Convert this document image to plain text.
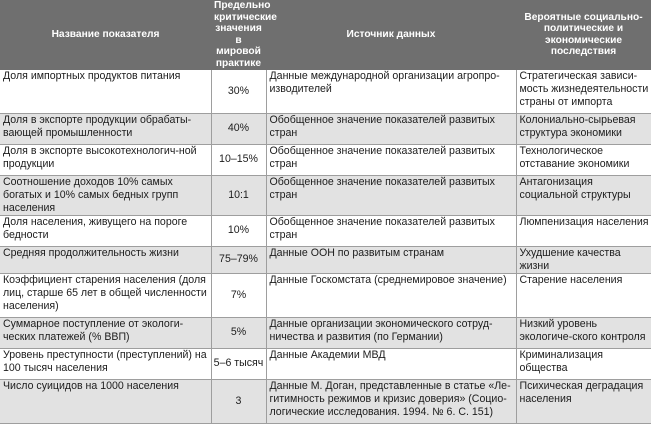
Название показателя	Предельно критические значения в мировой практике	Источник данных	Вероятные социально-политические и экономические последствия
Доля импортных продуктов питания	30%	Данные международной организации агропро-изводителей	Стратегическая зависи-мость жизнедеятельности страны от импорта
Доля в экспорте продукции обрабаты-вающей промышленности	40%	Обобщенное значение показателей развитых стран	Колониально-сырьевая структура экономики
Доля в экспорте высокотехнологич-ной продукции	10–15%	Обобщенное значение показателей развитых стран	Технологическое отставание экономики
Соотношение доходов 10% самых богатых и 10% самых бедных групп населения	10:1	Обобщенное значение показателей развитых стран	Антагонизация социальной структуры
Доля населения, живущего на пороге бедности	10%	Обобщенное значение показателей развитых стран	Люмпенизация населения
Средняя продолжительность жизни	75–79%	Данные ООН по развитым странам	Ухудшение качества жизни
Коэффициент старения населения (доля лиц, старше 65 лет в общей численности населения)	7%	Данные Госкомстата (среднемировое значение)	Старение населения
Суммарное поступление от экологи-ческих платежей (% ВВП)	5%	Данные организации экономического сотруд-ничества и развития (по Германии)	Низкий уровень экологиче-ского контроля
Уровень преступности (преступлений) на 100 тысяч населения	5–6 тысяч	Данные Академии МВД	Криминализация общества
Число суицидов на 1000 населения	3	Данные М. Доган, представленные в статье «Ле-гитимность режимов и кризис доверия» (Социо-логические исследования. 1994. № 6. С. 151)	Психическая деградация населения
